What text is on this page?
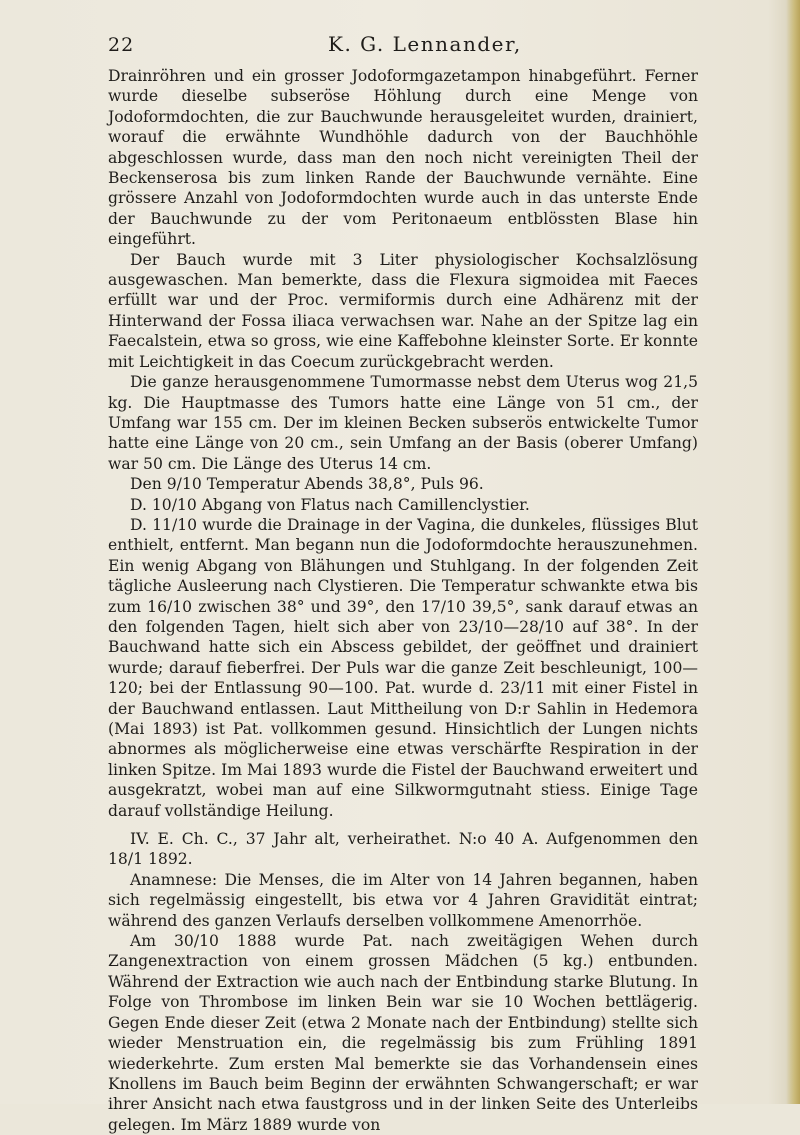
22	K. G. Lennander,

Drainröhren und ein grosser Jodoformgazetampon hinabgeführt. Ferner wurde dieselbe subseröse Höhlung durch eine Menge von Jodoformdochten, die zur Bauchwunde herausgeleitet wurden, drainiert, worauf die erwähnte Wundhöhle dadurch von der Bauchhöhle abgeschlossen wurde, dass man den noch nicht vereinigten Theil der Beckenserosa bis zum linken Rande der Bauchwunde vernähte. Eine grössere Anzahl von Jodoformdochten wurde auch in das unterste Ende der Bauchwunde zu der vom Peritonaeum entblössten Blase hin eingeführt.

Der Bauch wurde mit 3 Liter physiologischer Kochsalzlösung ausgewaschen. Man bemerkte, dass die Flexura sigmoidea mit Faeces erfüllt war und der Proc. vermiformis durch eine Adhärenz mit der Hinterwand der Fossa iliaca verwachsen war. Nahe an der Spitze lag ein Faecalstein, etwa so gross, wie eine Kaffebohne kleinster Sorte. Er konnte mit Leichtigkeit in das Coecum zurückgebracht werden.

Die ganze herausgenommene Tumormasse nebst dem Uterus wog 21,5 kg. Die Hauptmasse des Tumors hatte eine Länge von 51 cm., der Umfang war 155 cm. Der im kleinen Becken subserös entwickelte Tumor hatte eine Länge von 20 cm., sein Umfang an der Basis (oberer Umfang) war 50 cm. Die Länge des Uterus 14 cm.

Den 9/10 Temperatur Abends 38,8°, Puls 96.

D. 10/10 Abgang von Flatus nach Camillenclystier.

D. 11/10 wurde die Drainage in der Vagina, die dunkeles, flüssiges Blut enthielt, entfernt. Man begann nun die Jodoformdochte herauszunehmen. Ein wenig Abgang von Blähungen und Stuhlgang. In der folgenden Zeit tägliche Ausleerung nach Clystieren. Die Temperatur schwankte etwa bis zum 16/10 zwischen 38° und 39°, den 17/10 39,5°, sank darauf etwas an den folgenden Tagen, hielt sich aber von 23/10—28/10 auf 38°. In der Bauchwand hatte sich ein Abscess gebildet, der geöffnet und drainiert wurde; darauf fieberfrei. Der Puls war die ganze Zeit beschleunigt, 100—120; bei der Entlassung 90—100. Pat. wurde d. 23/11 mit einer Fistel in der Bauchwand entlassen. Laut Mittheilung von D:r Sahlin in Hedemora (Mai 1893) ist Pat. vollkommen gesund. Hinsichtlich der Lungen nichts abnormes als möglicherweise eine etwas verschärfte Respiration in der linken Spitze. Im Mai 1893 wurde die Fistel der Bauchwand erweitert und ausgekratzt, wobei man auf eine Silkwormgutnaht stiess. Einige Tage darauf vollständige Heilung.

IV. E. Ch. C., 37 Jahr alt, verheirathet. N:o 40 A. Aufgenommen den 18/1 1892.

Anamnese: Die Menses, die im Alter von 14 Jahren begannen, haben sich regelmässig eingestellt, bis etwa vor 4 Jahren Gravidität eintrat; während des ganzen Verlaufs derselben vollkommene Amenorrhöe.

Am 30/10 1888 wurde Pat. nach zweitägigen Wehen durch Zangenextraction von einem grossen Mädchen (5 kg.) entbunden. Während der Extraction wie auch nach der Entbindung starke Blutung. In Folge von Thrombose im linken Bein war sie 10 Wochen bettlägerig. Gegen Ende dieser Zeit (etwa 2 Monate nach der Entbindung) stellte sich wieder Menstruation ein, die regelmässig bis zum Frühling 1891 wiederkehrte. Zum ersten Mal bemerkte sie das Vorhandensein eines Knollens im Bauch beim Beginn der erwähnten Schwangerschaft; er war ihrer Ansicht nach etwa faustgross und in der linken Seite des Unterleibs gelegen. Im März 1889 wurde von
